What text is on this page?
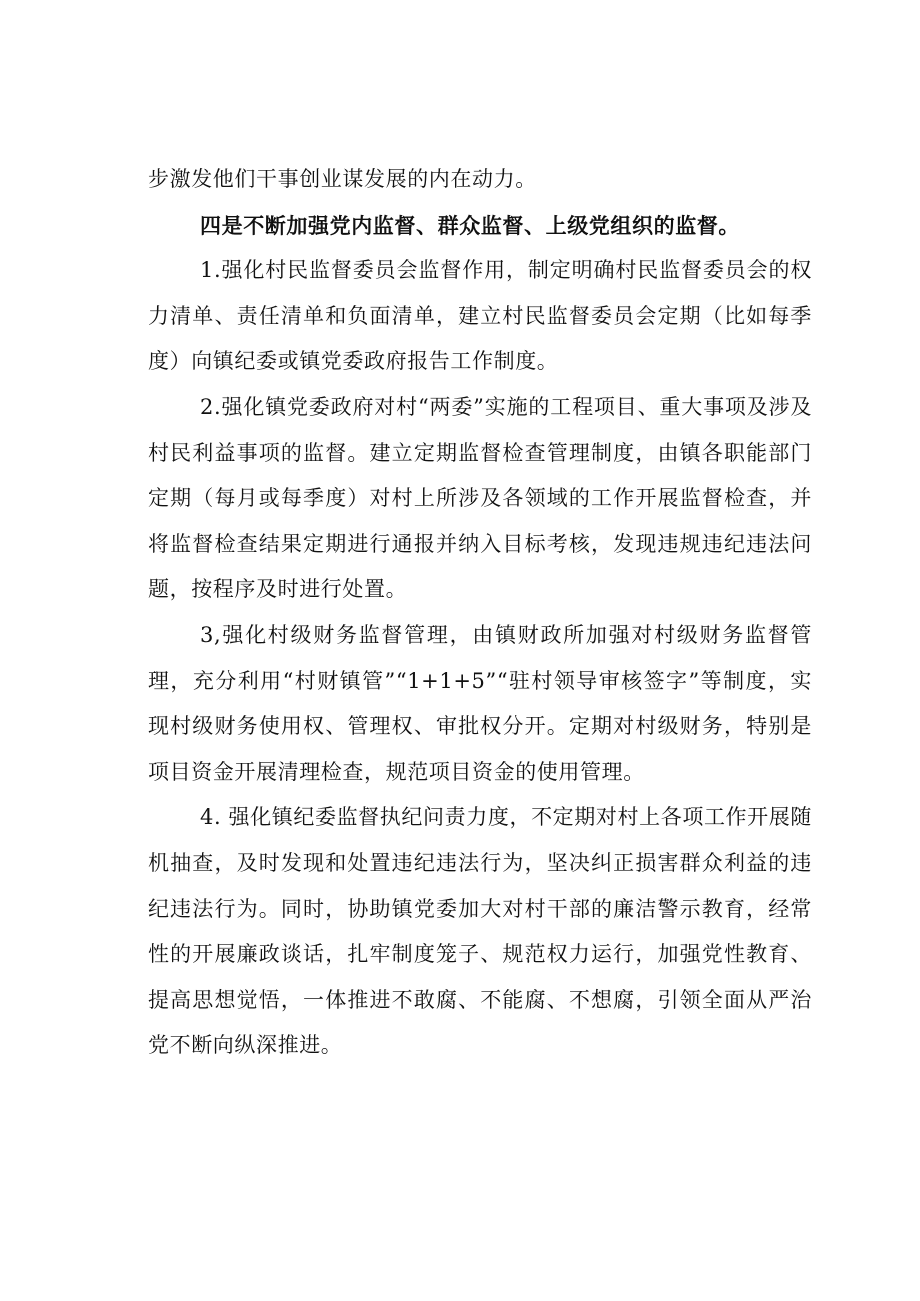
步激发他们干事创业谋发展的内在动力。

四是不断加强党内监督、群众监督、上级党组织的监督。

1.强化村民监督委员会监督作用，制定明确村民监督委员会的权力清单、责任清单和负面清单，建立村民监督委员会定期（比如每季度）向镇纪委或镇党委政府报告工作制度。

2.强化镇党委政府对村“两委”实施的工程项目、重大事项及涉及村民利益事项的监督。建立定期监督检查管理制度，由镇各职能部门定期（每月或每季度）对村上所涉及各领域的工作开展监督检查，并将监督检查结果定期进行通报并纳入目标考核，发现违规违纪违法问题，按程序及时进行处置。

3,强化村级财务监督管理，由镇财政所加强对村级财务监督管理，充分利用“村财镇管”“1+1+5”“驻村领导审核签字”等制度，实现村级财务使用权、管理权、审批权分开。定期对村级财务，特别是项目资金开展清理检查，规范项目资金的使用管理。

4. 强化镇纪委监督执纪问责力度，不定期对村上各项工作开展随机抽查，及时发现和处置违纪违法行为，坚决纠正损害群众利益的违纪违法行为。同时，协助镇党委加大对村干部的廉洁警示教育，经常性的开展廉政谈话，扎牢制度笼子、规范权力运行，加强党性教育、提高思想觉悟，一体推进不敢腐、不能腐、不想腐，引领全面从严治党不断向纵深推进。
